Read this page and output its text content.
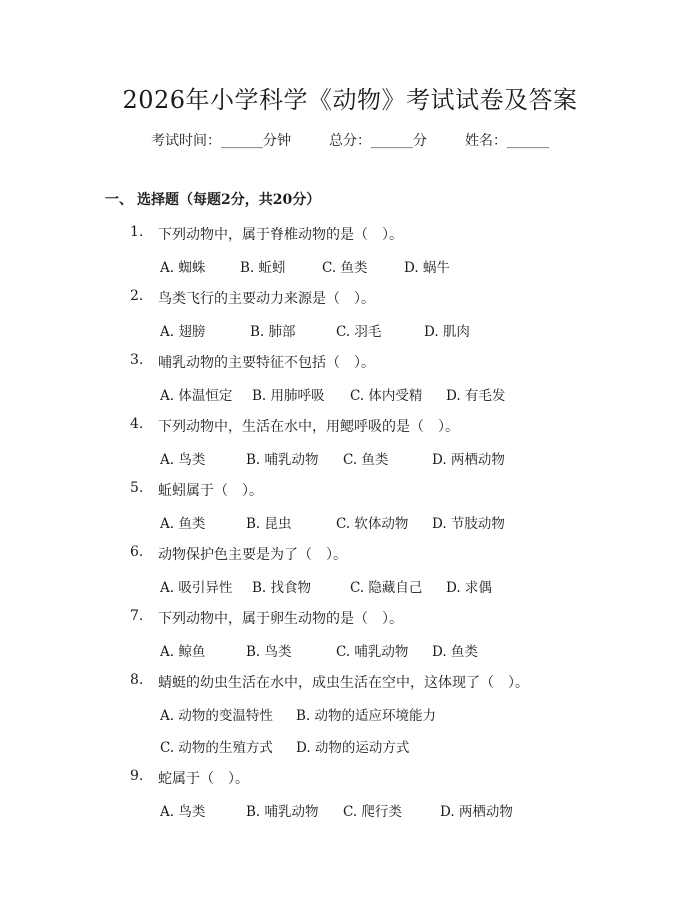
2026年小学科学《动物》考试试卷及答案
考试时间：______分钟	总分：______分	姓名：______
一、 选择题（每题2分，共20分）
1.	下列动物中，属于脊椎动物的是（　）。
A. 蜘蛛	B. 蚯蚓	C. 鱼类	D. 蜗牛
2.	鸟类飞行的主要动力来源是（　）。
A. 翅膀	B. 肺部	C. 羽毛	D. 肌肉
3.	哺乳动物的主要特征不包括（　）。
A. 体温恒定 B. 用肺呼吸 C. 体内受精 D. 有毛发
4.	下列动物中，生活在水中，用鳃呼吸的是（　）。
A. 鸟类	B. 哺乳动物 C. 鱼类	D. 两栖动物
5.	蚯蚓属于（　）。
A. 鱼类	B. 昆虫	C. 软体动物 D. 节肢动物
6.	动物保护色主要是为了（　）。
A. 吸引异性 B. 找食物	C. 隐藏自己 D. 求偶
7.	下列动物中，属于卵生动物的是（　）。
A. 鲸鱼	B. 鸟类	C. 哺乳动物 D. 鱼类
8.	蜻蜓的幼虫生活在水中，成虫生活在空中，这体现了（　）。
A. 动物的变温特性 B. 动物的适应环境能力
C. 动物的生殖方式 D. 动物的运动方式
9.	蛇属于（　）。
A. 鸟类	B. 哺乳动物 C. 爬行类	D. 两栖动物
